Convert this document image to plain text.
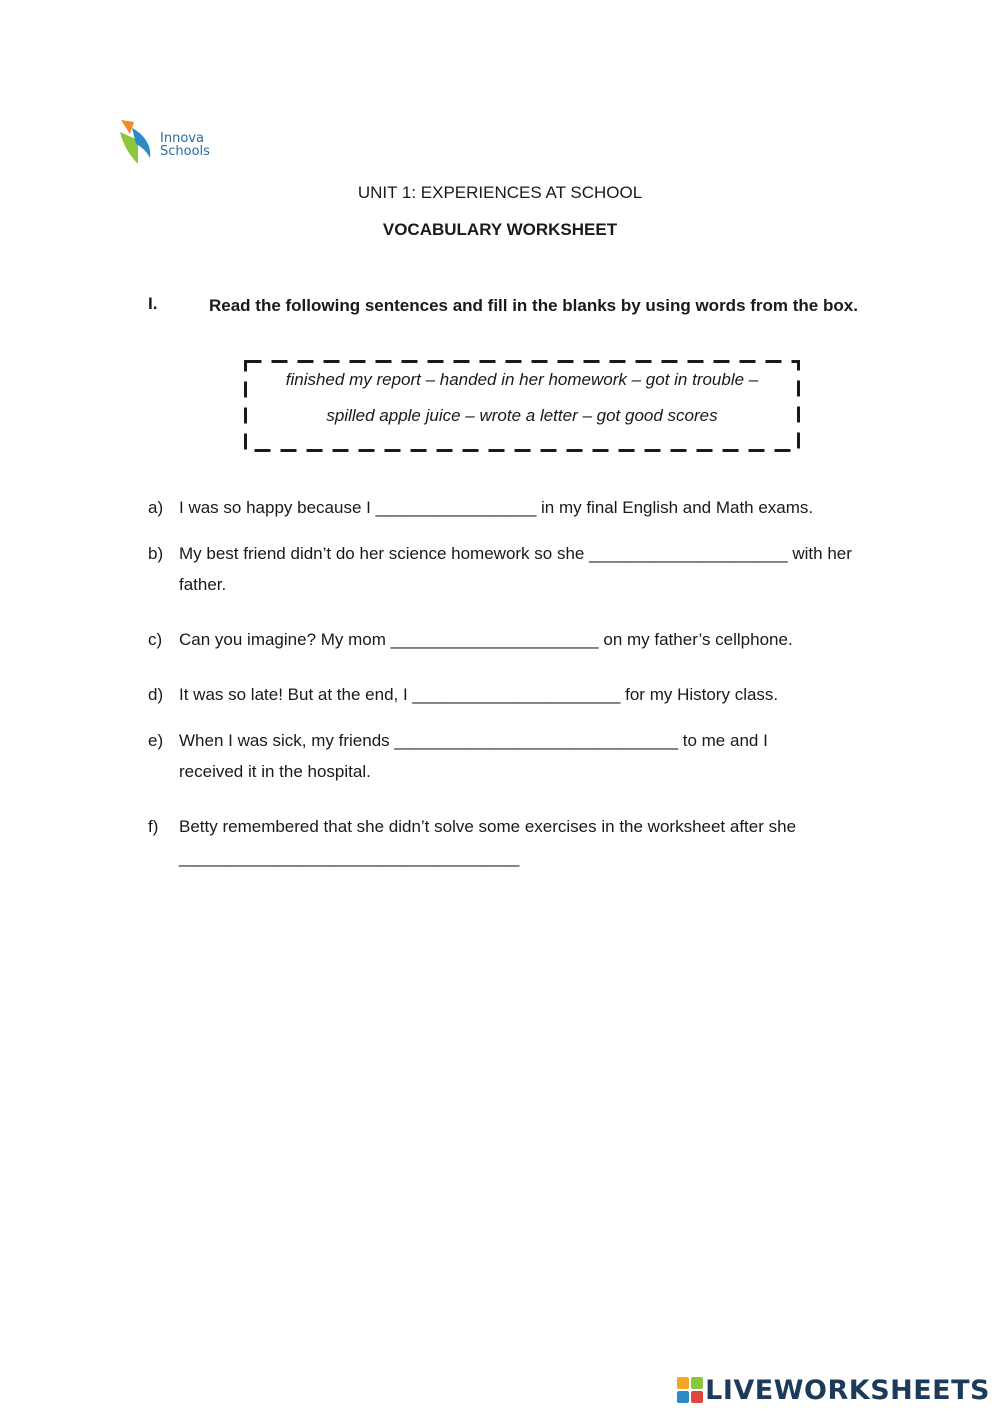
Innova
Schools
UNIT 1: EXPERIENCES AT SCHOOL
VOCABULARY WORKSHEET
I.	Read the following sentences and fill in the blanks by using words from the box.
finished my report – handed in her homework – got in trouble –
spilled apple juice – wrote a letter – got good scores
a) I was so happy because I _________________ in my final English and Math exams.
b) My best friend didn’t do her science homework so she _____________________ with her father.
c) Can you imagine? My mom ______________________ on my father’s cellphone.
d) It was so late! But at the end, I ______________________ for my History class.
e) When I was sick, my friends ______________________________ to me and I received it in the hospital.
f) Betty remembered that she didn’t solve some exercises in the worksheet after she ____________________________________
LIVEWORKSHEETS
